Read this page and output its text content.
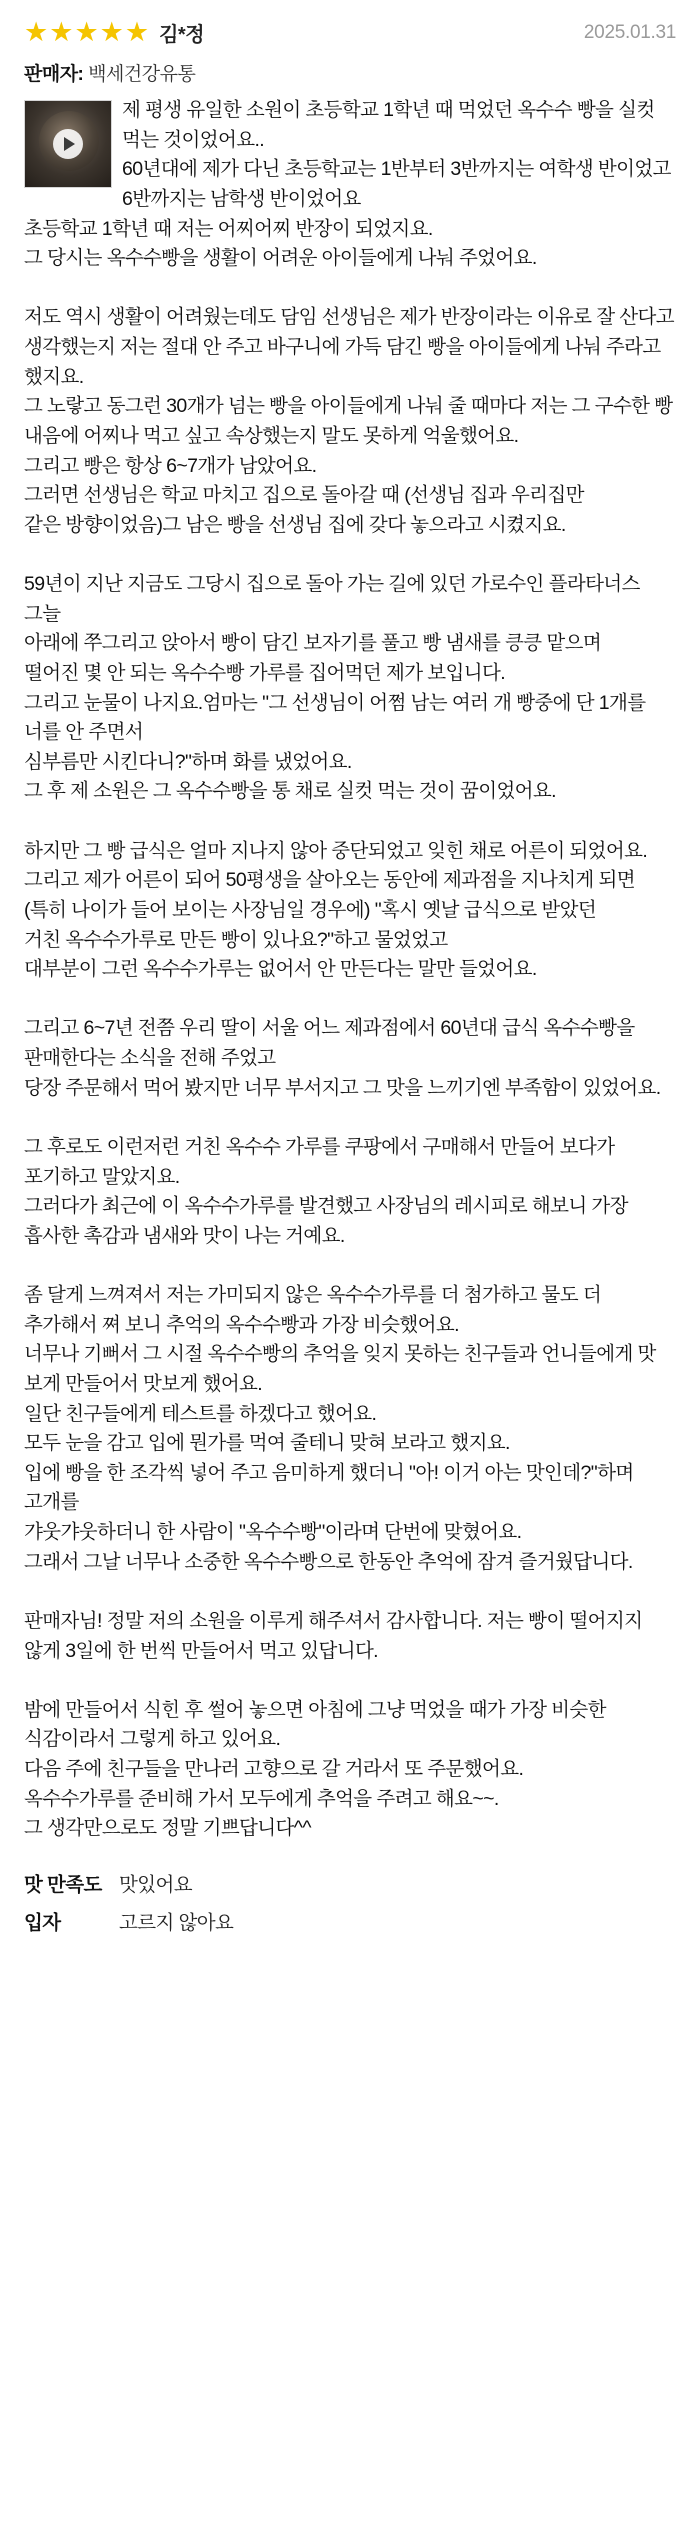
★ ★ ★ ★ ★ 김*정	2025.01.31
판매자: 백세건강유통
제 평생 유일한 소원이 초등학교 1학년 때 먹었던 옥수수 빵을 실컷 먹는 것이었어요..
60년대에 제가 다닌 초등학교는 1반부터 3반까지는 여학생 반이었고 6반까지는 남학생 반이었어요
초등학교 1학년 때 저는 어찌어찌 반장이 되었지요.
그 당시는 옥수수빵을 생활이 어려운 아이들에게 나눠 주었어요.
저도 역시 생활이 어려웠는데도 담임 선생님은 제가 반장이라는 이유로 잘 산다고 생각했는지 저는 절대 안 주고 바구니에 가득 담긴 빵을 아이들에게 나눠 주라고 했지요.
그 노랗고 동그런 30개가 넘는 빵을 아이들에게 나눠 줄 때마다 저는 그 구수한 빵 내음에 어찌나 먹고 싶고 속상했는지 말도 못하게 억울했어요.
그리고 빵은 항상 6~7개가 남았어요.
그러면 선생님은 학교 마치고 집으로 돌아갈 때 (선생님 집과 우리집만
같은 방향이었음)그 남은 빵을 선생님 집에 갖다 놓으라고 시켰지요.
59년이 지난 지금도 그당시 집으로 돌아 가는 길에 있던 가로수인 플라타너스 그늘
아래에 쭈그리고 앉아서 빵이 담긴 보자기를 풀고 빵 냄새를 킁킁 맡으며
떨어진 몇 안 되는 옥수수빵 가루를 집어먹던 제가 보입니다.
그리고 눈물이 나지요.엄마는 "그 선생님이 어쩜 남는 여러 개 빵중에 단 1개를 너를 안 주면서
심부름만 시킨다니?"하며 화를 냈었어요.
그 후 제 소원은 그 옥수수빵을 통 채로 실컷 먹는 것이 꿈이었어요.
하지만 그 빵 급식은 얼마 지나지 않아 중단되었고 잊힌 채로 어른이 되었어요.
그리고 제가 어른이 되어 50평생을 살아오는 동안에 제과점을 지나치게 되면
(특히 나이가 들어 보이는 사장님일 경우에) "혹시 옛날 급식으로 받았던
거친 옥수수가루로 만든 빵이 있나요?"하고 물었었고
대부분이 그런 옥수수가루는 없어서 안 만든다는 말만 들었어요.
그리고 6~7년 전쯤 우리 딸이 서울 어느 제과점에서 60년대 급식 옥수수빵을 판매한다는 소식을 전해 주었고
당장 주문해서 먹어 봤지만 너무 부서지고 그 맛을 느끼기엔 부족함이 있었어요.
그 후로도 이런저런 거친 옥수수 가루를 쿠팡에서 구매해서 만들어 보다가 포기하고 말았지요.
그러다가 최근에 이 옥수수가루를 발견했고 사장님의 레시피로 해보니 가장 흡사한 촉감과 냄새와 맛이 나는 거예요.
좀 달게 느껴져서 저는 가미되지 않은 옥수수가루를 더 첨가하고 물도 더 추가해서 쪄 보니 추억의 옥수수빵과 가장 비슷했어요.
너무나 기뻐서 그 시절 옥수수빵의 추억을 잊지 못하는 친구들과 언니들에게 맛 보게 만들어서 맛보게 했어요.
일단 친구들에게 테스트를 하겠다고 했어요.
모두 눈을 감고 입에 뭔가를 먹여 줄테니 맞혀 보라고 했지요.
입에 빵을 한 조각씩 넣어 주고 음미하게 했더니 "아! 이거 아는 맛인데?"하며 고개를
갸웃갸웃하더니 한 사람이 "옥수수빵"이라며 단번에 맞혔어요.
그래서 그날 너무나 소중한 옥수수빵으로 한동안 추억에 잠겨 즐거웠답니다.
판매자님! 정말 저의 소원을 이루게 해주셔서 감사합니다. 저는 빵이 떨어지지 않게 3일에 한 번씩 만들어서 먹고 있답니다.
밤에 만들어서 식힌 후 썰어 놓으면 아침에 그냥 먹었을 때가 가장 비슷한 식감이라서 그렇게 하고 있어요.
다음 주에 친구들을 만나러 고향으로 갈 거라서 또 주문했어요.
옥수수가루를 준비해 가서 모두에게 추억을 주려고 해요~~.
그 생각만으로도 정말 기쁘답니다^^
맛 만족도 맛있어요
입자	고르지 않아요
